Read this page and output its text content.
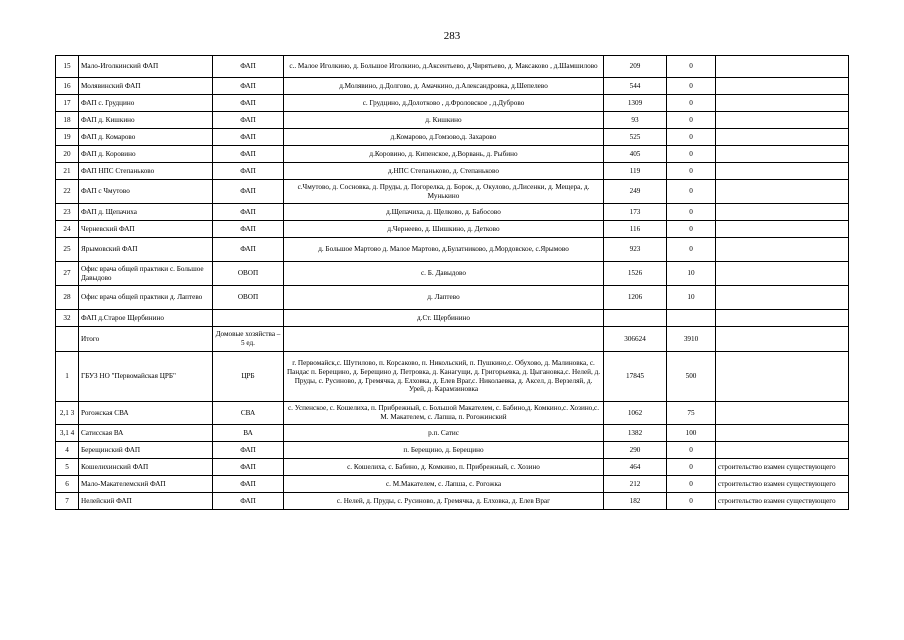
283
15	Мало-Иголкинский ФАП	ФАП	с.. Малое Иголкино, д. Большое Иголкино, д.Аксентьево, д.Чирятьево, д. Максаково , д.Шамшилово	209	0	
16	Молявинский ФАП	ФАП	д.Молявино, д.Долгово, д. Амачкино, д.Александровка, д.Шепелево	544	0	
17	ФАП с. Грудцино	ФАП	с. Грудцино, д.Долотково , д.Фроловское , д.Дуброво	1309	0	
18	ФАП д. Кишкино	ФАП	д. Кишкино	93	0	
19	ФАП д. Комарово	ФАП	д.Комарово, д.Гомзово,д. Захарово	525	0	
20	ФАП д. Коровино	ФАП	д.Коровино, д. Кипенское, д.Ворвань, д. Рыбино	405	0	
21	ФАП НПС Степаньково	ФАП	д.НПС Степаньково, д. Степаньково	119	0	
22	ФАП с Чмутово	ФАП	с.Чмутово, д. Сосновка, д. Пруды, д. Погорелка, д. Борок, д. Окулово, д.Лисенки, д. Мещера, д. Мунькино	249	0	
23	ФАП д. Щепачиха	ФАП	д.Щепачиха, д. Щелково, д. Бабосово	173	0	
24	Черневский ФАП	ФАП	д.Чернеево, д. Шишкино, д. Детково	116	0	
25	Ярымовский ФАП	ФАП	д. Большое Мартово д. Малое Мартово, д.Булатниково, д.Мордовское, с.Ярымово	923	0	
27	Офис врача общей практики с. Большое Давыдово	ОВОП	с. Б. Давыдово	1526	10	
28	Офис врача общей практики д. Лаптево	ОВОП	д. Лаптево	1206	10	
32	ФАП д.Старое Щербинино		д.Ст. Щербинино			
	Итого	Домовые хозяйства – 5 ед.		306624	3910	
1	ГБУЗ НО "Первомайская ЦРБ"	ЦРБ	г. Первомайск,с. Шутилово, п. Корсаково, п. Никольский, п. Пушкино,с. Обухово, д. Малиновка, с. Пандас п. Берещино, д. Берещино д. Петровка, д. Канагущи, д. Григорьевка, д. Цыгановка,с. Нелей, д. Пруды, с. Русиново, д. Гремячка, д. Елховка, д. Елев Враг,с. Николаевка, д. Аксел, д. Верзеляй, д. Урей, д. Карамзиновка	17845	500	
2,1 3	Рогожская СВА	СВА	с. Успенское, с. Кошелиха, п. Прибрежный, с. Большой Макателем, с. Бабино,д. Комкино,с. Хозино,с. М. Макателем, с. Лапша, п. Рогожинский	1062	75	
3,1 4	Сатисская ВА	ВА	р.п. Сатис	1382	100	
4	Берещинский ФАП	ФАП	п. Берещино, д. Берещино	290	0	
5	Кошелихинский ФАП	ФАП	с. Кошелиха, с. Бабино, д. Комкино, п. Прибрежный, с. Хозино	464	0	строительство взамен существующего
6	Мало-Макателемский ФАП	ФАП	с. М.Макателем, с. Лапша, с. Рогожка	212	0	строительство взамен существующего
7	Нелейский ФАП	ФАП	с. Нелей, д. Пруды, с. Русиново, д. Гремячка, д. Елховка, д. Елев Враг	182	0	строительство взамен существующего
